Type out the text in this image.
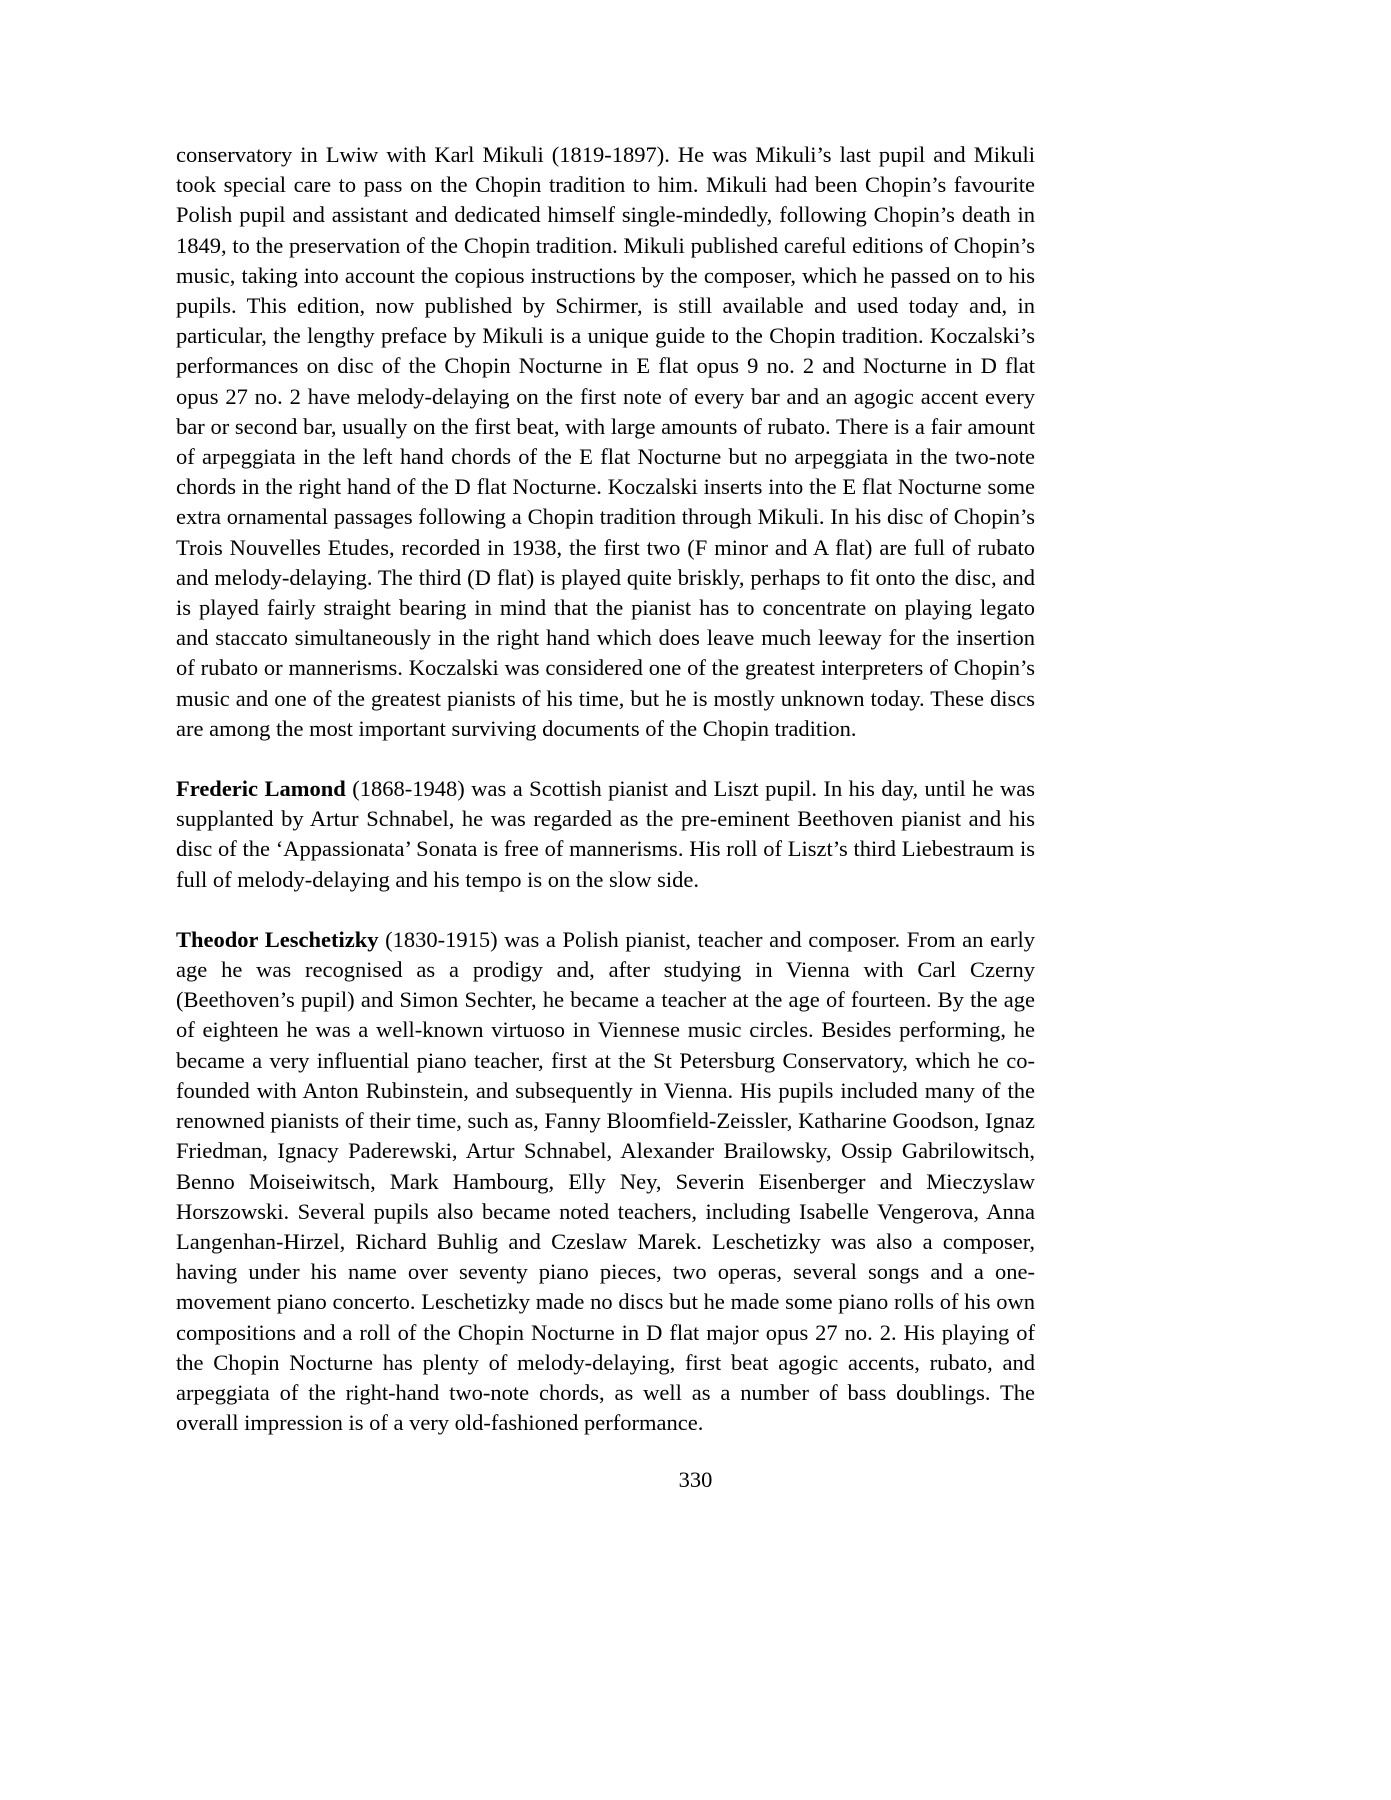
conservatory in Lwiw with Karl Mikuli (1819-1897). He was Mikuli’s last pupil and Mikuli took special care to pass on the Chopin tradition to him. Mikuli had been Chopin’s favourite Polish pupil and assistant and dedicated himself single-mindedly, following Chopin’s death in 1849, to the preservation of the Chopin tradition. Mikuli published careful editions of Chopin’s music, taking into account the copious instructions by the composer, which he passed on to his pupils. This edition, now published by Schirmer, is still available and used today and, in particular, the lengthy preface by Mikuli is a unique guide to the Chopin tradition. Koczalski’s performances on disc of the Chopin Nocturne in E flat opus 9 no. 2 and Nocturne in D flat opus 27 no. 2 have melody-delaying on the first note of every bar and an agogic accent every bar or second bar, usually on the first beat, with large amounts of rubato. There is a fair amount of arpeggiata in the left hand chords of the E flat Nocturne but no arpeggiata in the two-note chords in the right hand of the D flat Nocturne. Koczalski inserts into the E flat Nocturne some extra ornamental passages following a Chopin tradition through Mikuli. In his disc of Chopin’s Trois Nouvelles Etudes, recorded in 1938, the first two (F minor and A flat) are full of rubato and melody-delaying. The third (D flat) is played quite briskly, perhaps to fit onto the disc, and is played fairly straight bearing in mind that the pianist has to concentrate on playing legato and staccato simultaneously in the right hand which does leave much leeway for the insertion of rubato or mannerisms. Koczalski was considered one of the greatest interpreters of Chopin’s music and one of the greatest pianists of his time, but he is mostly unknown today. These discs are among the most important surviving documents of the Chopin tradition.

Frederic Lamond (1868-1948) was a Scottish pianist and Liszt pupil. In his day, until he was supplanted by Artur Schnabel, he was regarded as the pre-eminent Beethoven pianist and his disc of the ‘Appassionata’ Sonata is free of mannerisms. His roll of Liszt’s third Liebestraum is full of melody-delaying and his tempo is on the slow side.

Theodor Leschetizky (1830-1915) was a Polish pianist, teacher and composer. From an early age he was recognised as a prodigy and, after studying in Vienna with Carl Czerny (Beethoven’s pupil) and Simon Sechter, he became a teacher at the age of fourteen. By the age of eighteen he was a well-known virtuoso in Viennese music circles. Besides performing, he became a very influential piano teacher, first at the St Petersburg Conservatory, which he co-founded with Anton Rubinstein, and subsequently in Vienna. His pupils included many of the renowned pianists of their time, such as, Fanny Bloomfield-Zeissler, Katharine Goodson, Ignaz Friedman, Ignacy Paderewski, Artur Schnabel, Alexander Brailowsky, Ossip Gabrilowitsch, Benno Moiseiwitsch, Mark Hambourg, Elly Ney, Severin Eisenberger and Mieczyslaw Horszowski. Several pupils also became noted teachers, including Isabelle Vengerova, Anna Langenhan-Hirzel, Richard Buhlig and Czeslaw Marek. Leschetizky was also a composer, having under his name over seventy piano pieces, two operas, several songs and a one-movement piano concerto. Leschetizky made no discs but he made some piano rolls of his own compositions and a roll of the Chopin Nocturne in D flat major opus 27 no. 2. His playing of the Chopin Nocturne has plenty of melody-delaying, first beat agogic accents, rubato, and arpeggiata of the right-hand two-note chords, as well as a number of bass doublings. The overall impression is of a very old-fashioned performance.

330
